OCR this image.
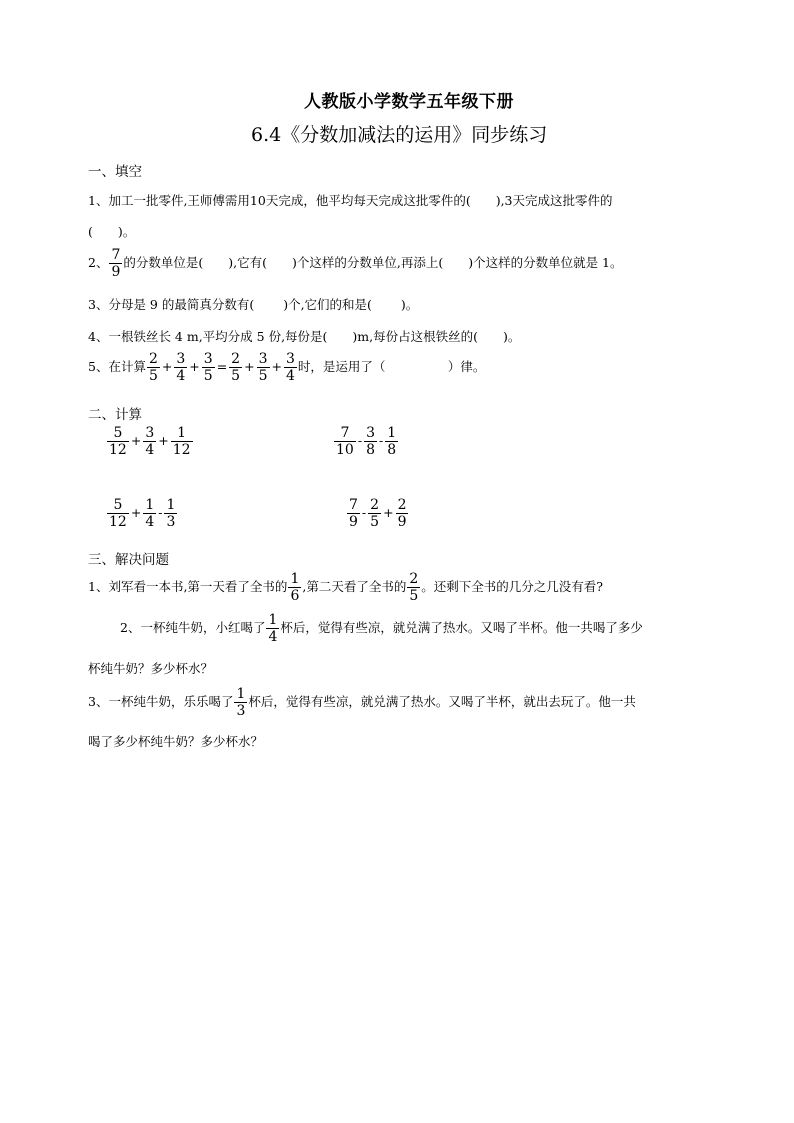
人教版小学数学五年级下册
6.4《分数加减法的运用》同步练习
一、填空
1、加工一批零件,王师傅需用10天完成，他平均每天完成这批零件的(　　),3天完成这批零件的
(　　)。
2、 $\frac{7}{9}$ 的分数单位是(　　),它有(　　)个这样的分数单位,再添上(　　)个这样的分数单位就是 1。
3、分母是 9 的最简真分数有(　　 )个,它们的和是(　　 )。
4、一根铁丝长 4 m,平均分成 5 份,每份是(　　)m,每份占这根铁丝的(　　)。
5、在计算 $\frac{2}{5} + \frac{3}{4} + \frac{3}{5} = \frac{2}{5} + \frac{3}{5} + \frac{3}{4}$ 时，是运用了（　　　　　）律。
二、计算
$\frac{5}{12} + \frac{3}{4} + \frac{1}{12}$	$\frac{7}{10} - \frac{3}{8} - \frac{1}{8}$
$\frac{5}{12} + \frac{1}{4} - \frac{1}{3}$	$\frac{7}{9} - \frac{2}{5} + \frac{2}{9}$
三、解决问题
1、刘军看一本书,第一天看了全书的 $\frac{1}{6}$ ,第二天看了全书的 $\frac{2}{5}$ 。还剩下全书的几分之几没有看?
2、一杯纯牛奶，小红喝了 $\frac{1}{4}$ 杯后，觉得有些凉，就兑满了热水。又喝了半杯。他一共喝了多少
杯纯牛奶？多少杯水？
3、一杯纯牛奶，乐乐喝了 $\frac{1}{3}$ 杯后，觉得有些凉，就兑满了热水。又喝了半杯，就出去玩了。他一共
喝了多少杯纯牛奶？多少杯水？
